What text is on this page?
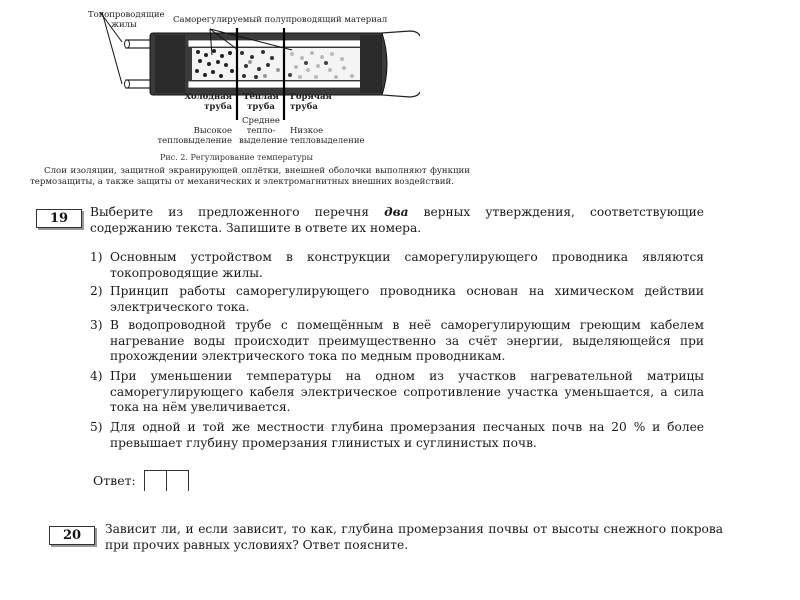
Токопроводящие
жилы	Саморегулируемый полупроводящий материал
Холодная
труба
Высокое
тепловыделение
Тёплая
труба
Среднее
тепло-
выделение
Горячая
труба
Низкое
тепловыделение
Рис. 2. Регулирование температуры
Слои изоляции, защитной экранирующей оплётки, внешней оболочки выполняют функции термозащиты, а также защиты от механических и электромагнитных внешних воздействий.
19	Выберите из предложенного перечня два верных утверждения, соответствующие содержанию текста. Запишите в ответе их номера.
1) Основным устройством в конструкции саморегулирующего проводника являются токопроводящие жилы.
2) Принцип работы саморегулирующего проводника основан на химическом действии электрического тока.
3) В водопроводной трубе с помещённым в неё саморегулирующим греющим кабелем нагревание воды происходит преимущественно за счёт энергии, выделяющейся при прохождении электрического тока по медным проводникам.
4) При уменьшении температуры на одном из участков нагревательной матрицы саморегулирующего кабеля электрическое сопротивление участка уменьшается, а сила тока на нём увеличивается.
5) Для одной и той же местности глубина промерзания песчаных почв на 20 % и более превышает глубину промерзания глинистых и суглинистых почв.
Ответ:
20	Зависит ли, и если зависит, то как, глубина промерзания почвы от высоты снежного покрова при прочих равных условиях? Ответ поясните.
